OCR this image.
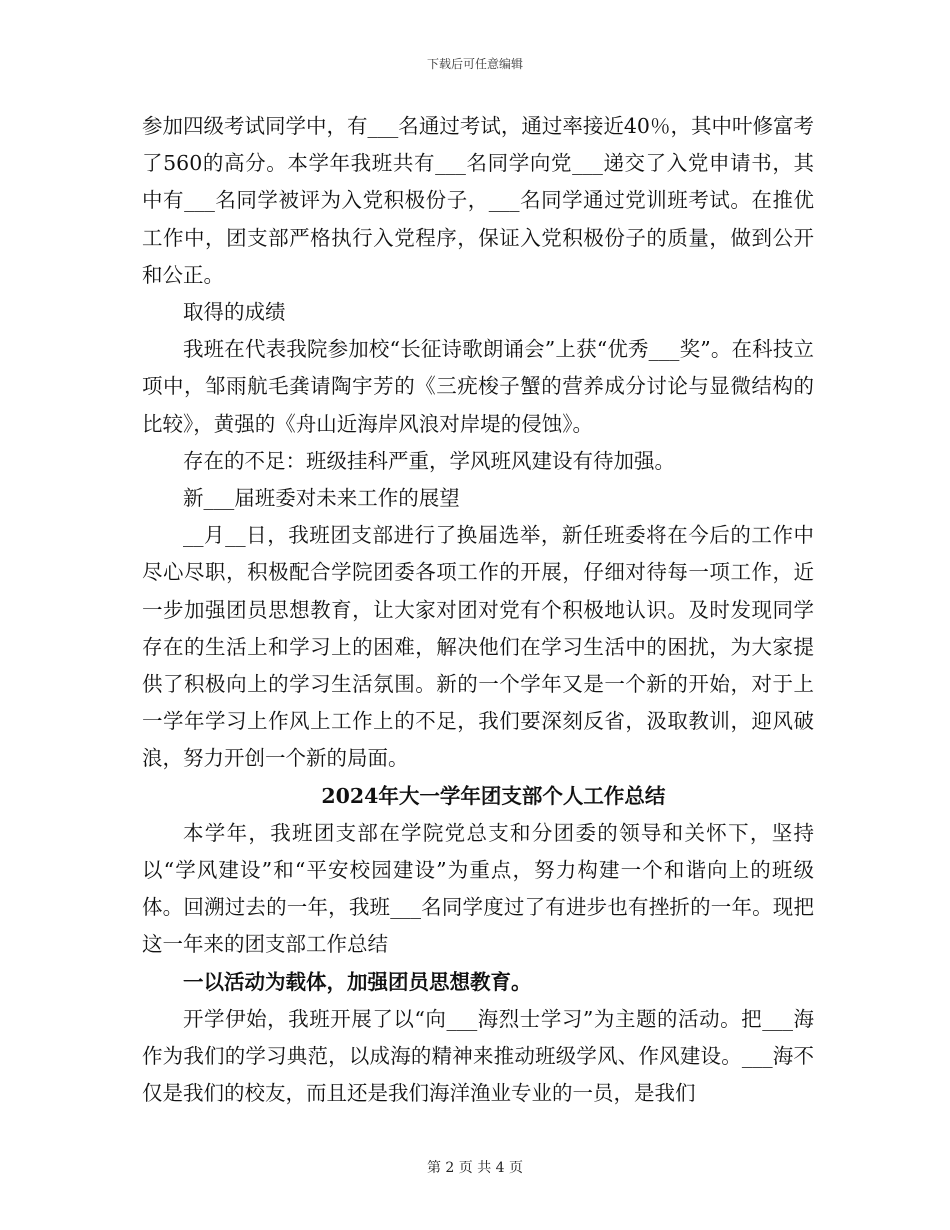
下载后可任意编辑

参加四级考试同学中，有___名通过考试，通过率接近40％，其中叶修富考了560的高分。本学年我班共有___名同学向党___递交了入党申请书，其中有___名同学被评为入党积极份子，___名同学通过党训班考试。在推优工作中，团支部严格执行入党程序，保证入党积极份子的质量，做到公开和公正。

取得的成绩

我班在代表我院参加校“长征诗歌朗诵会”上获“优秀___奖”。在科技立项中，邹雨航毛龚请陶宇芳的《三疣梭子蟹的营养成分讨论与显微结构的比较》，黄强的《舟山近海岸风浪对岸堤的侵蚀》。

存在的不足：班级挂科严重，学风班风建设有待加强。

新___届班委对未来工作的展望

__月__日，我班团支部进行了换届选举，新任班委将在今后的工作中尽心尽职，积极配合学院团委各项工作的开展，仔细对待每一项工作，近一步加强团员思想教育，让大家对团对党有个积极地认识。及时发现同学存在的生活上和学习上的困难，解决他们在学习生活中的困扰，为大家提供了积极向上的学习生活氛围。新的一个学年又是一个新的开始，对于上一学年学习上作风上工作上的不足，我们要深刻反省，汲取教训，迎风破浪，努力开创一个新的局面。

2024年大一学年团支部个人工作总结

本学年，我班团支部在学院党总支和分团委的领导和关怀下，坚持以“学风建设”和“平安校园建设”为重点，努力构建一个和谐向上的班级体。回溯过去的一年，我班___名同学度过了有进步也有挫折的一年。现把这一年来的团支部工作总结

一以活动为载体，加强团员思想教育。

开学伊始，我班开展了以“向___海烈士学习”为主题的活动。把___海作为我们的学习典范，以成海的精神来推动班级学风、作风建设。___海不仅是我们的校友，而且还是我们海洋渔业专业的一员，是我们

第 2 页 共 4 页
